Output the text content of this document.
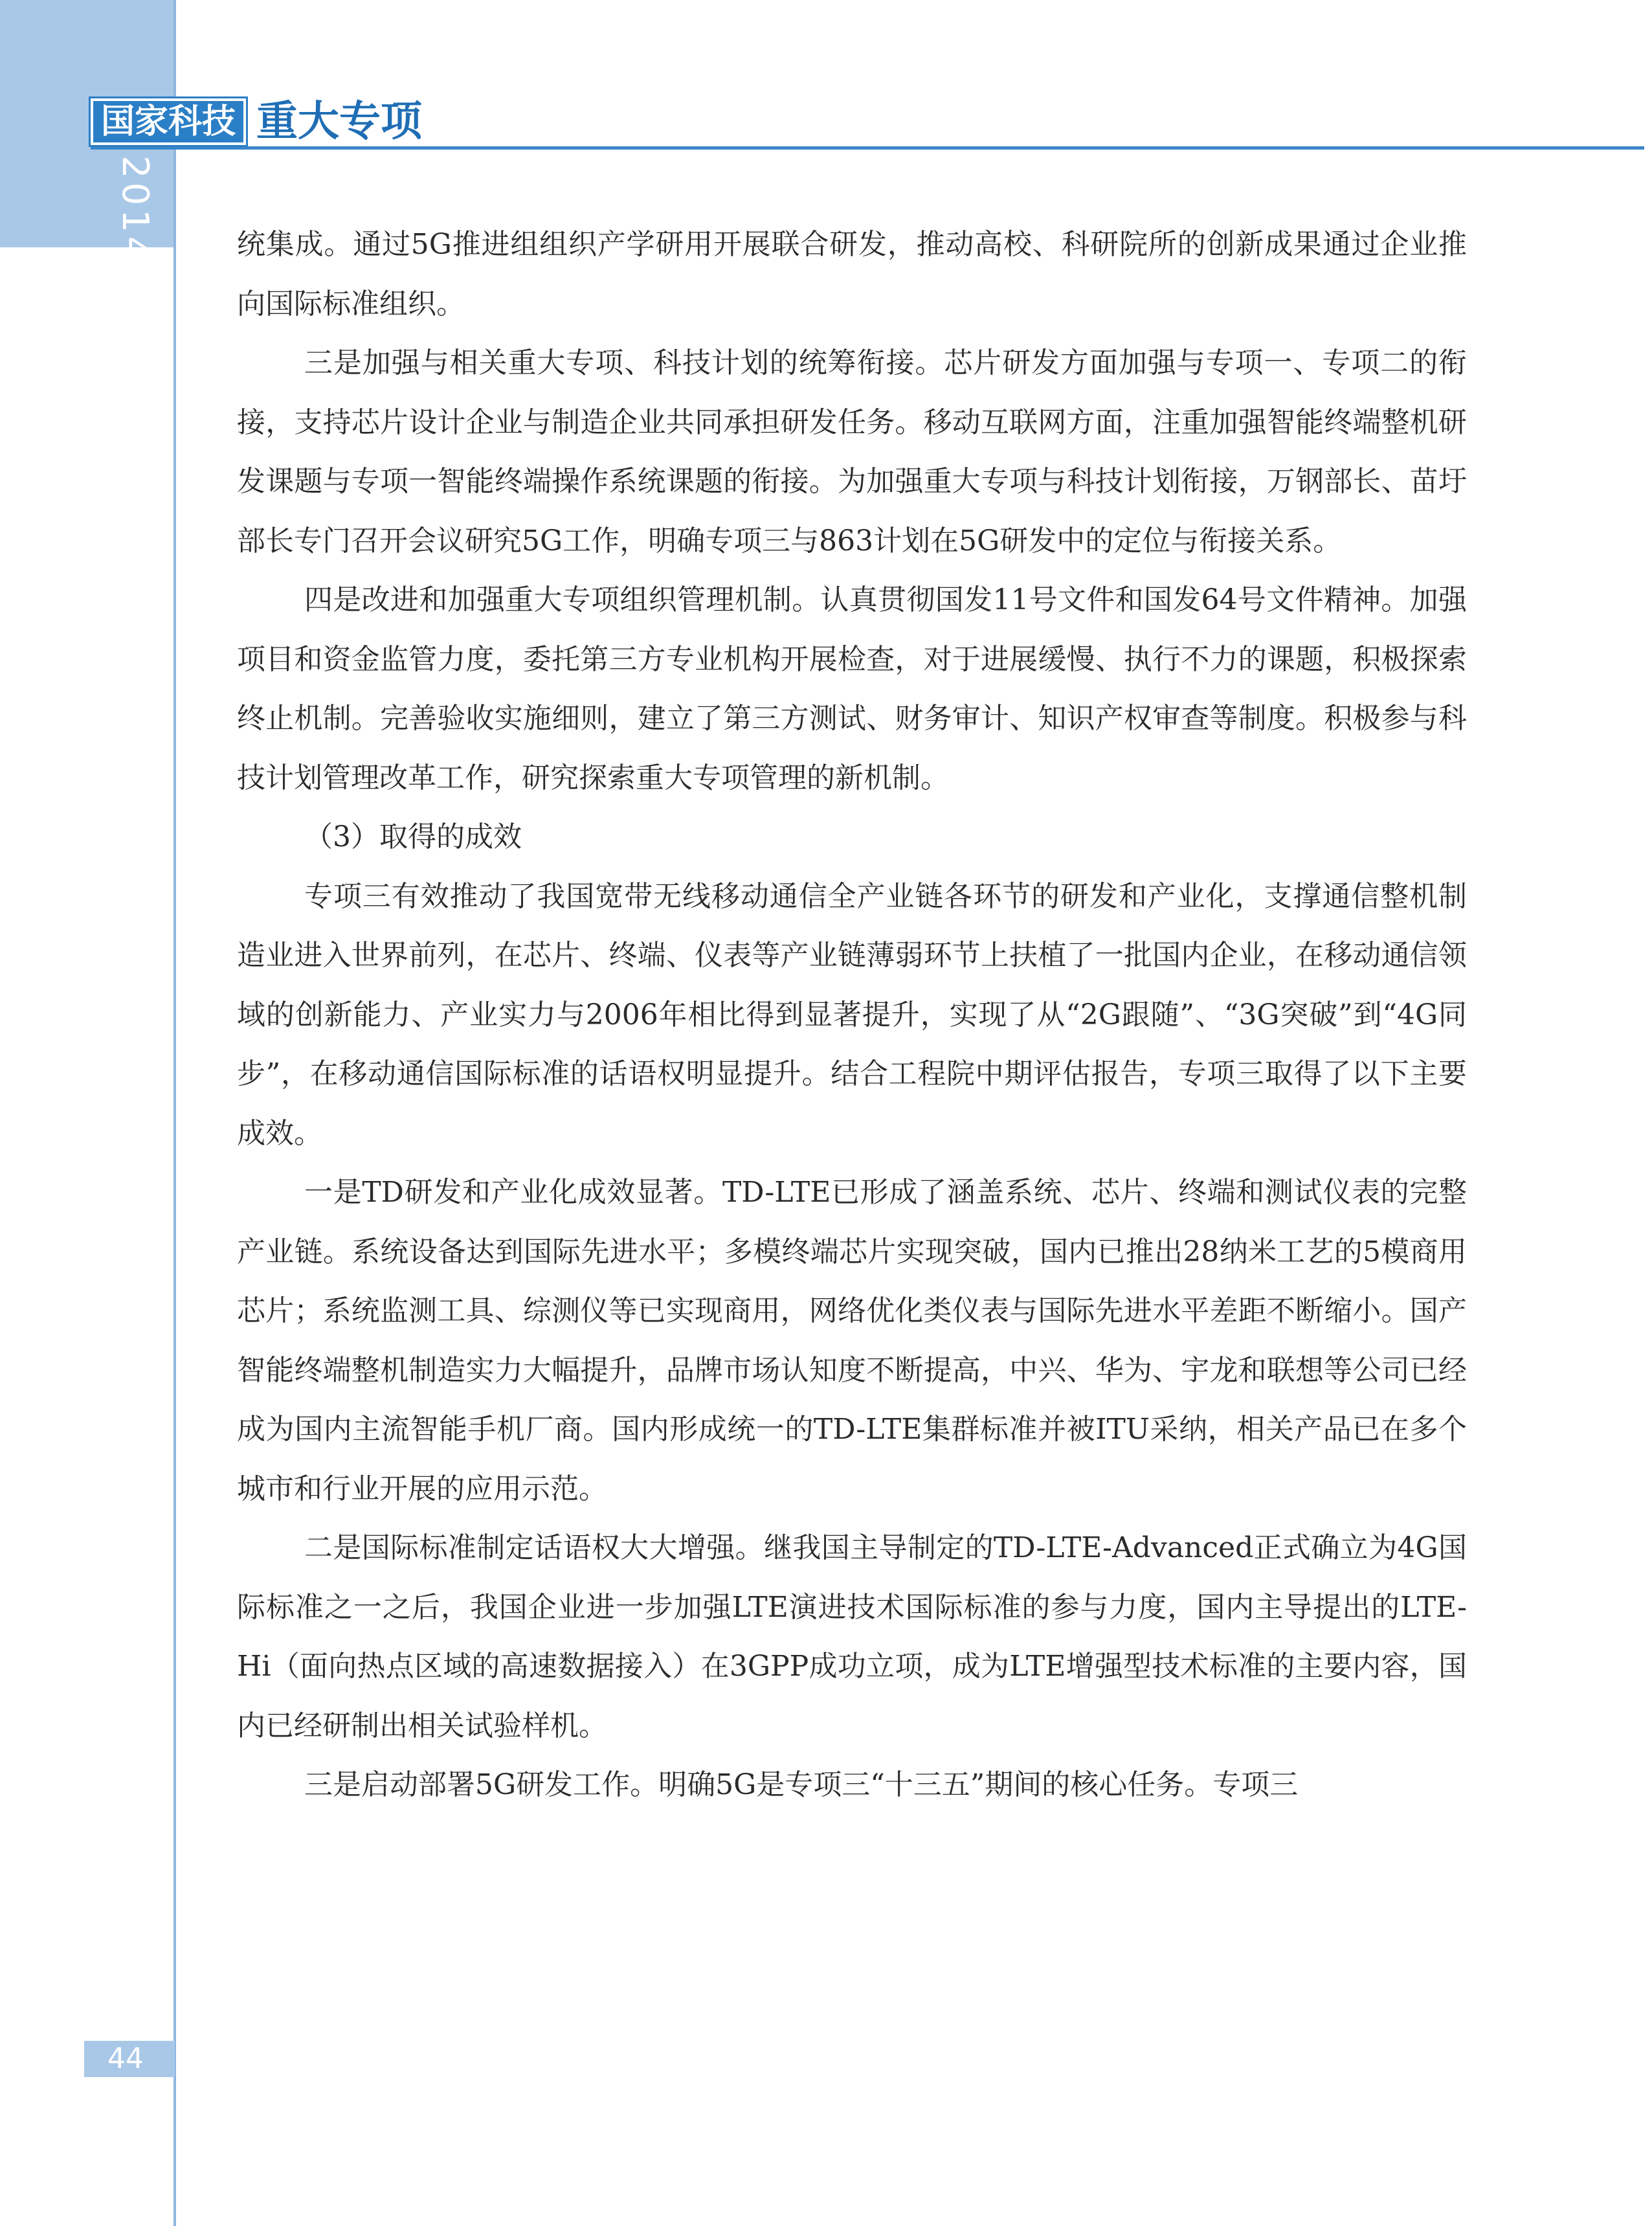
国家科技 重大专项
2014 年度报告	统集成。通过5G推进组组织产学研用开展联合研发，推动高校、科研院所的创新成果通过企业推向国际标准组织。

三是加强与相关重大专项、科技计划的统筹衔接。芯片研发方面加强与专项一、专项二的衔接，支持芯片设计企业与制造企业共同承担研发任务。移动互联网方面，注重加强智能终端整机研发课题与专项一智能终端操作系统课题的衔接。为加强重大专项与科技计划衔接，万钢部长、苗圩部长专门召开会议研究5G工作，明确专项三与863计划在5G研发中的定位与衔接关系。

四是改进和加强重大专项组织管理机制。认真贯彻国发11号文件和国发64号文件精神。加强项目和资金监管力度，委托第三方专业机构开展检查，对于进展缓慢、执行不力的课题，积极探索终止机制。完善验收实施细则，建立了第三方测试、财务审计、知识产权审查等制度。积极参与科技计划管理改革工作，研究探索重大专项管理的新机制。

（3）取得的成效

专项三有效推动了我国宽带无线移动通信全产业链各环节的研发和产业化，支撑通信整机制造业进入世界前列，在芯片、终端、仪表等产业链薄弱环节上扶植了一批国内企业，在移动通信领域的创新能力、产业实力与2006年相比得到显著提升，实现了从“2G跟随”、“3G突破”到“4G同步”，在移动通信国际标准的话语权明显提升。结合工程院中期评估报告，专项三取得了以下主要成效。

一是TD研发和产业化成效显著。TD-LTE已形成了涵盖系统、芯片、终端和测试仪表的完整产业链。系统设备达到国际先进水平；多模终端芯片实现突破，国内已推出28纳米工艺的5模商用芯片；系统监测工具、综测仪等已实现商用，网络优化类仪表与国际先进水平差距不断缩小。国产智能终端整机制造实力大幅提升，品牌市场认知度不断提高，中兴、华为、宇龙和联想等公司已经成为国内主流智能手机厂商。国内形成统一的TD-LTE集群标准并被ITU采纳，相关产品已在多个城市和行业开展的应用示范。

二是国际标准制定话语权大大增强。继我国主导制定的TD-LTE-Advanced正式确立为4G国际标准之一之后，我国企业进一步加强LTE演进技术国际标准的参与力度，国内主导提出的LTE-Hi（面向热点区域的高速数据接入）在3GPP成功立项，成为LTE增强型技术标准的主要内容，国内已经研制出相关试验样机。

三是启动部署5G研发工作。明确5G是专项三“十三五”期间的核心任务。专项三

44
